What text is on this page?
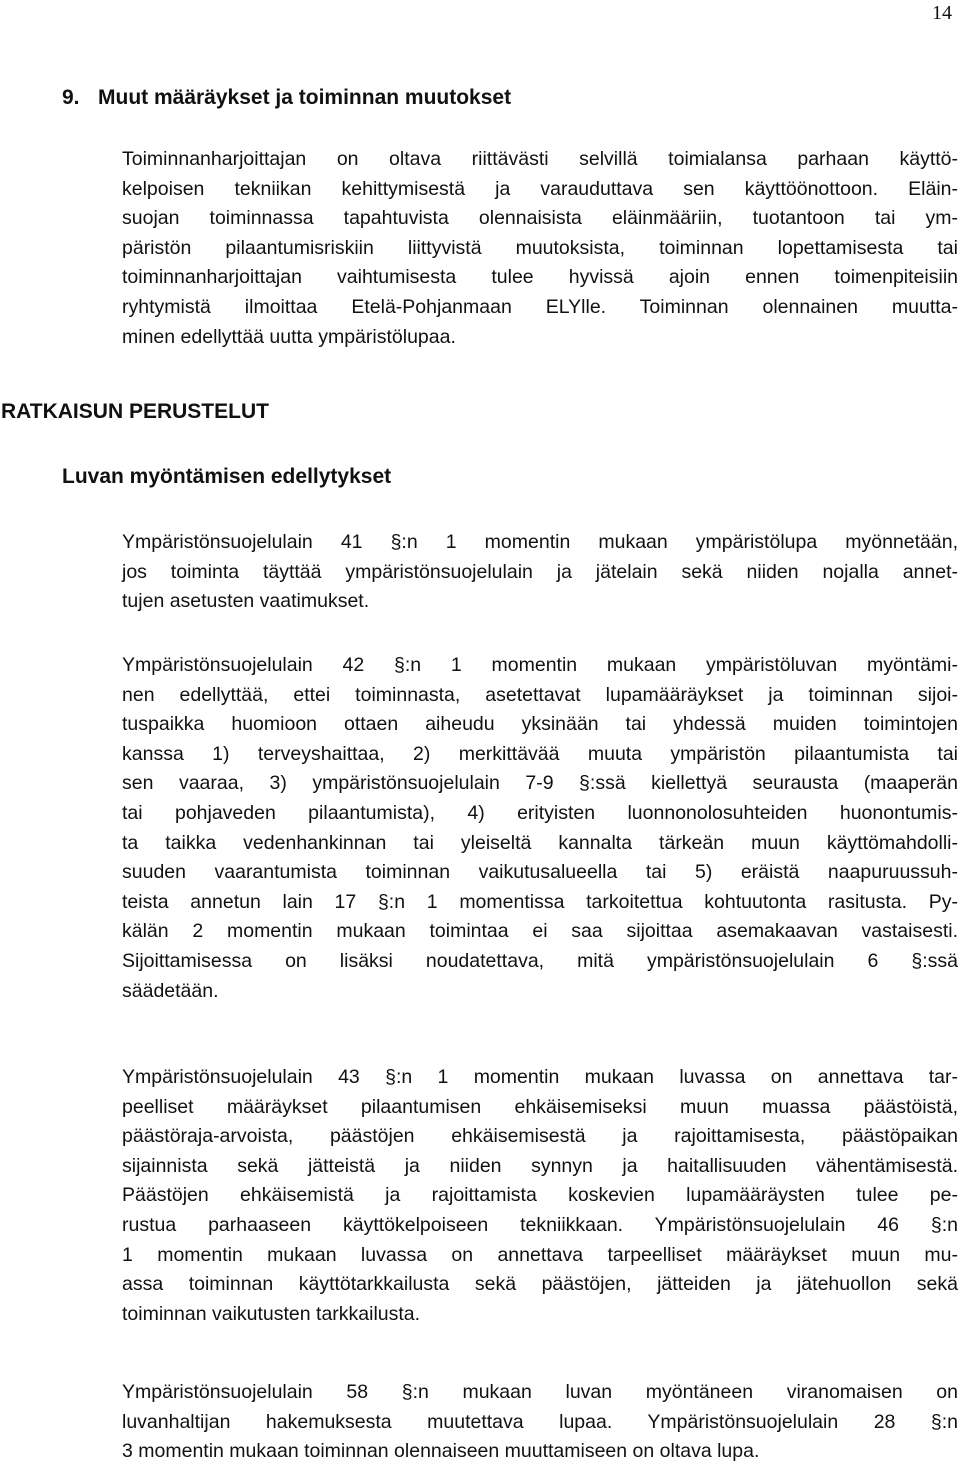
14
9. Muut määräykset ja toiminnan muutokset
Toiminnanharjoittajan on oltava riittävästi selvillä toimialansa parhaan käyttö-
kelpoisen tekniikan kehittymisestä ja varauduttava sen käyttöönottoon. Eläin-
suojan toiminnassa tapahtuvista olennaisista eläinmääriin, tuotantoon tai ym-
päristön pilaantumisriskiin liittyvistä muutoksista, toiminnan lopettamisesta tai
toiminnanharjoittajan vaihtumisesta tulee hyvissä ajoin ennen toimenpiteisiin
ryhtymistä ilmoittaa Etelä-Pohjanmaan ELYlle. Toiminnan olennainen muutta-
minen edellyttää uutta ympäristölupaa.
RATKAISUN PERUSTELUT
Luvan myöntämisen edellytykset
Ympäristönsuojelulain 41 §:n 1 momentin mukaan ympäristölupa myönnetään,
jos toiminta täyttää ympäristönsuojelulain ja jätelain sekä niiden nojalla annet-
tujen asetusten vaatimukset.
Ympäristönsuojelulain 42 §:n 1 momentin mukaan ympäristöluvan myöntämi-
nen edellyttää, ettei toiminnasta, asetettavat lupamääräykset ja toiminnan sijoi-
tuspaikka huomioon ottaen aiheudu yksinään tai yhdessä muiden toimintojen
kanssa 1) terveyshaittaa, 2) merkittävää muuta ympäristön pilaantumista tai
sen vaaraa, 3) ympäristönsuojelulain 7-9 §:ssä kiellettyä seurausta (maaperän
tai pohjaveden pilaantumista), 4) erityisten luonnonolosuhteiden huonontumis-
ta taikka vedenhankinnan tai yleiseltä kannalta tärkeän muun käyttömahdolli-
suuden vaarantumista toiminnan vaikutusalueella tai 5) eräistä naapuruussuh-
teista annetun lain 17 §:n 1 momentissa tarkoitettua kohtuutonta rasitusta. Py-
kälän 2 momentin mukaan toimintaa ei saa sijoittaa asemakaavan vastaisesti.
Sijoittamisessa on lisäksi noudatettava, mitä ympäristönsuojelulain 6 §:ssä
säädetään.
Ympäristönsuojelulain 43 §:n 1 momentin mukaan luvassa on annettava tar-
peelliset määräykset pilaantumisen ehkäisemiseksi muun muassa päästöistä,
päästöraja-arvoista, päästöjen ehkäisemisestä ja rajoittamisesta, päästöpaikan
sijainnista sekä jätteistä ja niiden synnyn ja haitallisuuden vähentämisestä.
Päästöjen ehkäisemistä ja rajoittamista koskevien lupamääräysten tulee pe-
rustua parhaaseen käyttökelpoiseen tekniikkaan. Ympäristönsuojelulain 46 §:n
1 momentin mukaan luvassa on annettava tarpeelliset määräykset muun mu-
assa toiminnan käyttötarkkailusta sekä päästöjen, jätteiden ja jätehuollon sekä
toiminnan vaikutusten tarkkailusta.
Ympäristönsuojelulain 58 §:n mukaan luvan myöntäneen viranomaisen on
luvanhaltijan hakemuksesta muutettava lupaa. Ympäristönsuojelulain 28 §:n
3 momentin mukaan toiminnan olennaiseen muuttamiseen on oltava lupa.
